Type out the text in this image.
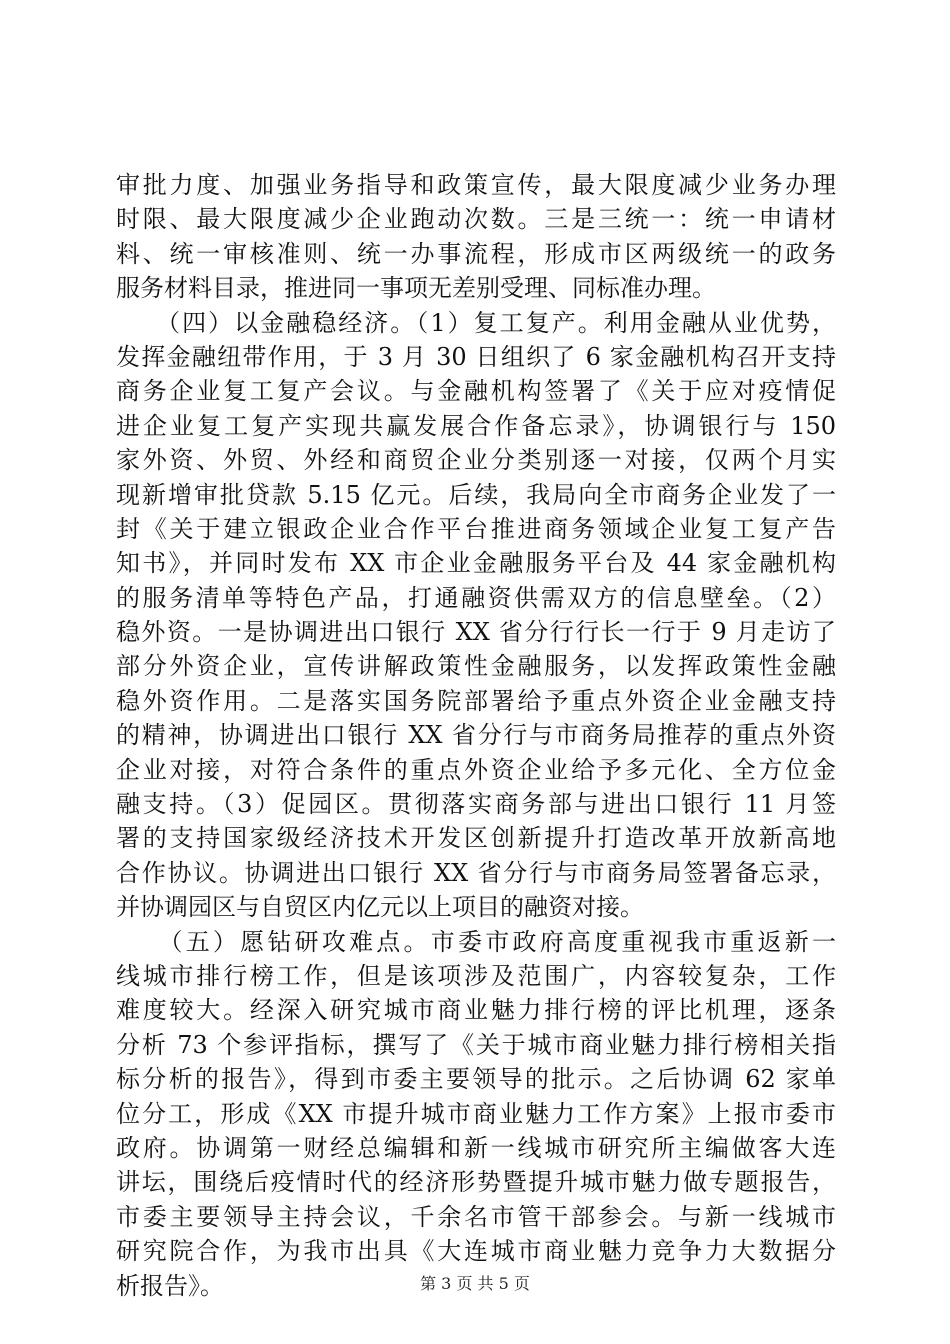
审批力度、加强业务指导和政策宣传，最大限度减少业务办理
时限、最大限度减少企业跑动次数。三是三统一：统一申请材
料、统一审核准则、统一办事流程，形成市区两级统一的政务
服务材料目录，推进同一事项无差别受理、同标准办理。
　　（四）以金融稳经济。（1）复工复产。利用金融从业优势，
发挥金融纽带作用，于 3 月 30 日组织了 6 家金融机构召开支持
商务企业复工复产会议。与金融机构签署了《关于应对疫情促
进企业复工复产实现共赢发展合作备忘录》，协调银行与 150
家外资、外贸、外经和商贸企业分类别逐一对接，仅两个月实
现新增审批贷款 5.15 亿元。后续，我局向全市商务企业发了一
封《关于建立银政企业合作平台推进商务领域企业复工复产告
知书》，并同时发布 XX 市企业金融服务平台及 44 家金融机构
的服务清单等特色产品，打通融资供需双方的信息壁垒。（2）
稳外资。一是协调进出口银行 XX 省分行行长一行于 9 月走访了
部分外资企业，宣传讲解政策性金融服务，以发挥政策性金融
稳外资作用。二是落实国务院部署给予重点外资企业金融支持
的精神，协调进出口银行 XX 省分行与市商务局推荐的重点外资
企业对接，对符合条件的重点外资企业给予多元化、全方位金
融支持。（3）促园区。贯彻落实商务部与进出口银行 11 月签
署的支持国家级经济技术开发区创新提升打造改革开放新高地
合作协议。协调进出口银行 XX 省分行与市商务局签署备忘录，
并协调园区与自贸区内亿元以上项目的融资对接。
　　（五）愿钻研攻难点。市委市政府高度重视我市重返新一
线城市排行榜工作，但是该项涉及范围广，内容较复杂，工作
难度较大。经深入研究城市商业魅力排行榜的评比机理，逐条
分析 73 个参评指标，撰写了《关于城市商业魅力排行榜相关指
标分析的报告》，得到市委主要领导的批示。之后协调 62 家单
位分工，形成《XX 市提升城市商业魅力工作方案》上报市委市
政府。协调第一财经总编辑和新一线城市研究所主编做客大连
讲坛，围绕后疫情时代的经济形势暨提升城市魅力做专题报告，
市委主要领导主持会议，千余名市管干部参会。与新一线城市
研究院合作，为我市出具《大连城市商业魅力竞争力大数据分
析报告》。	第 3 页 共 5 页
